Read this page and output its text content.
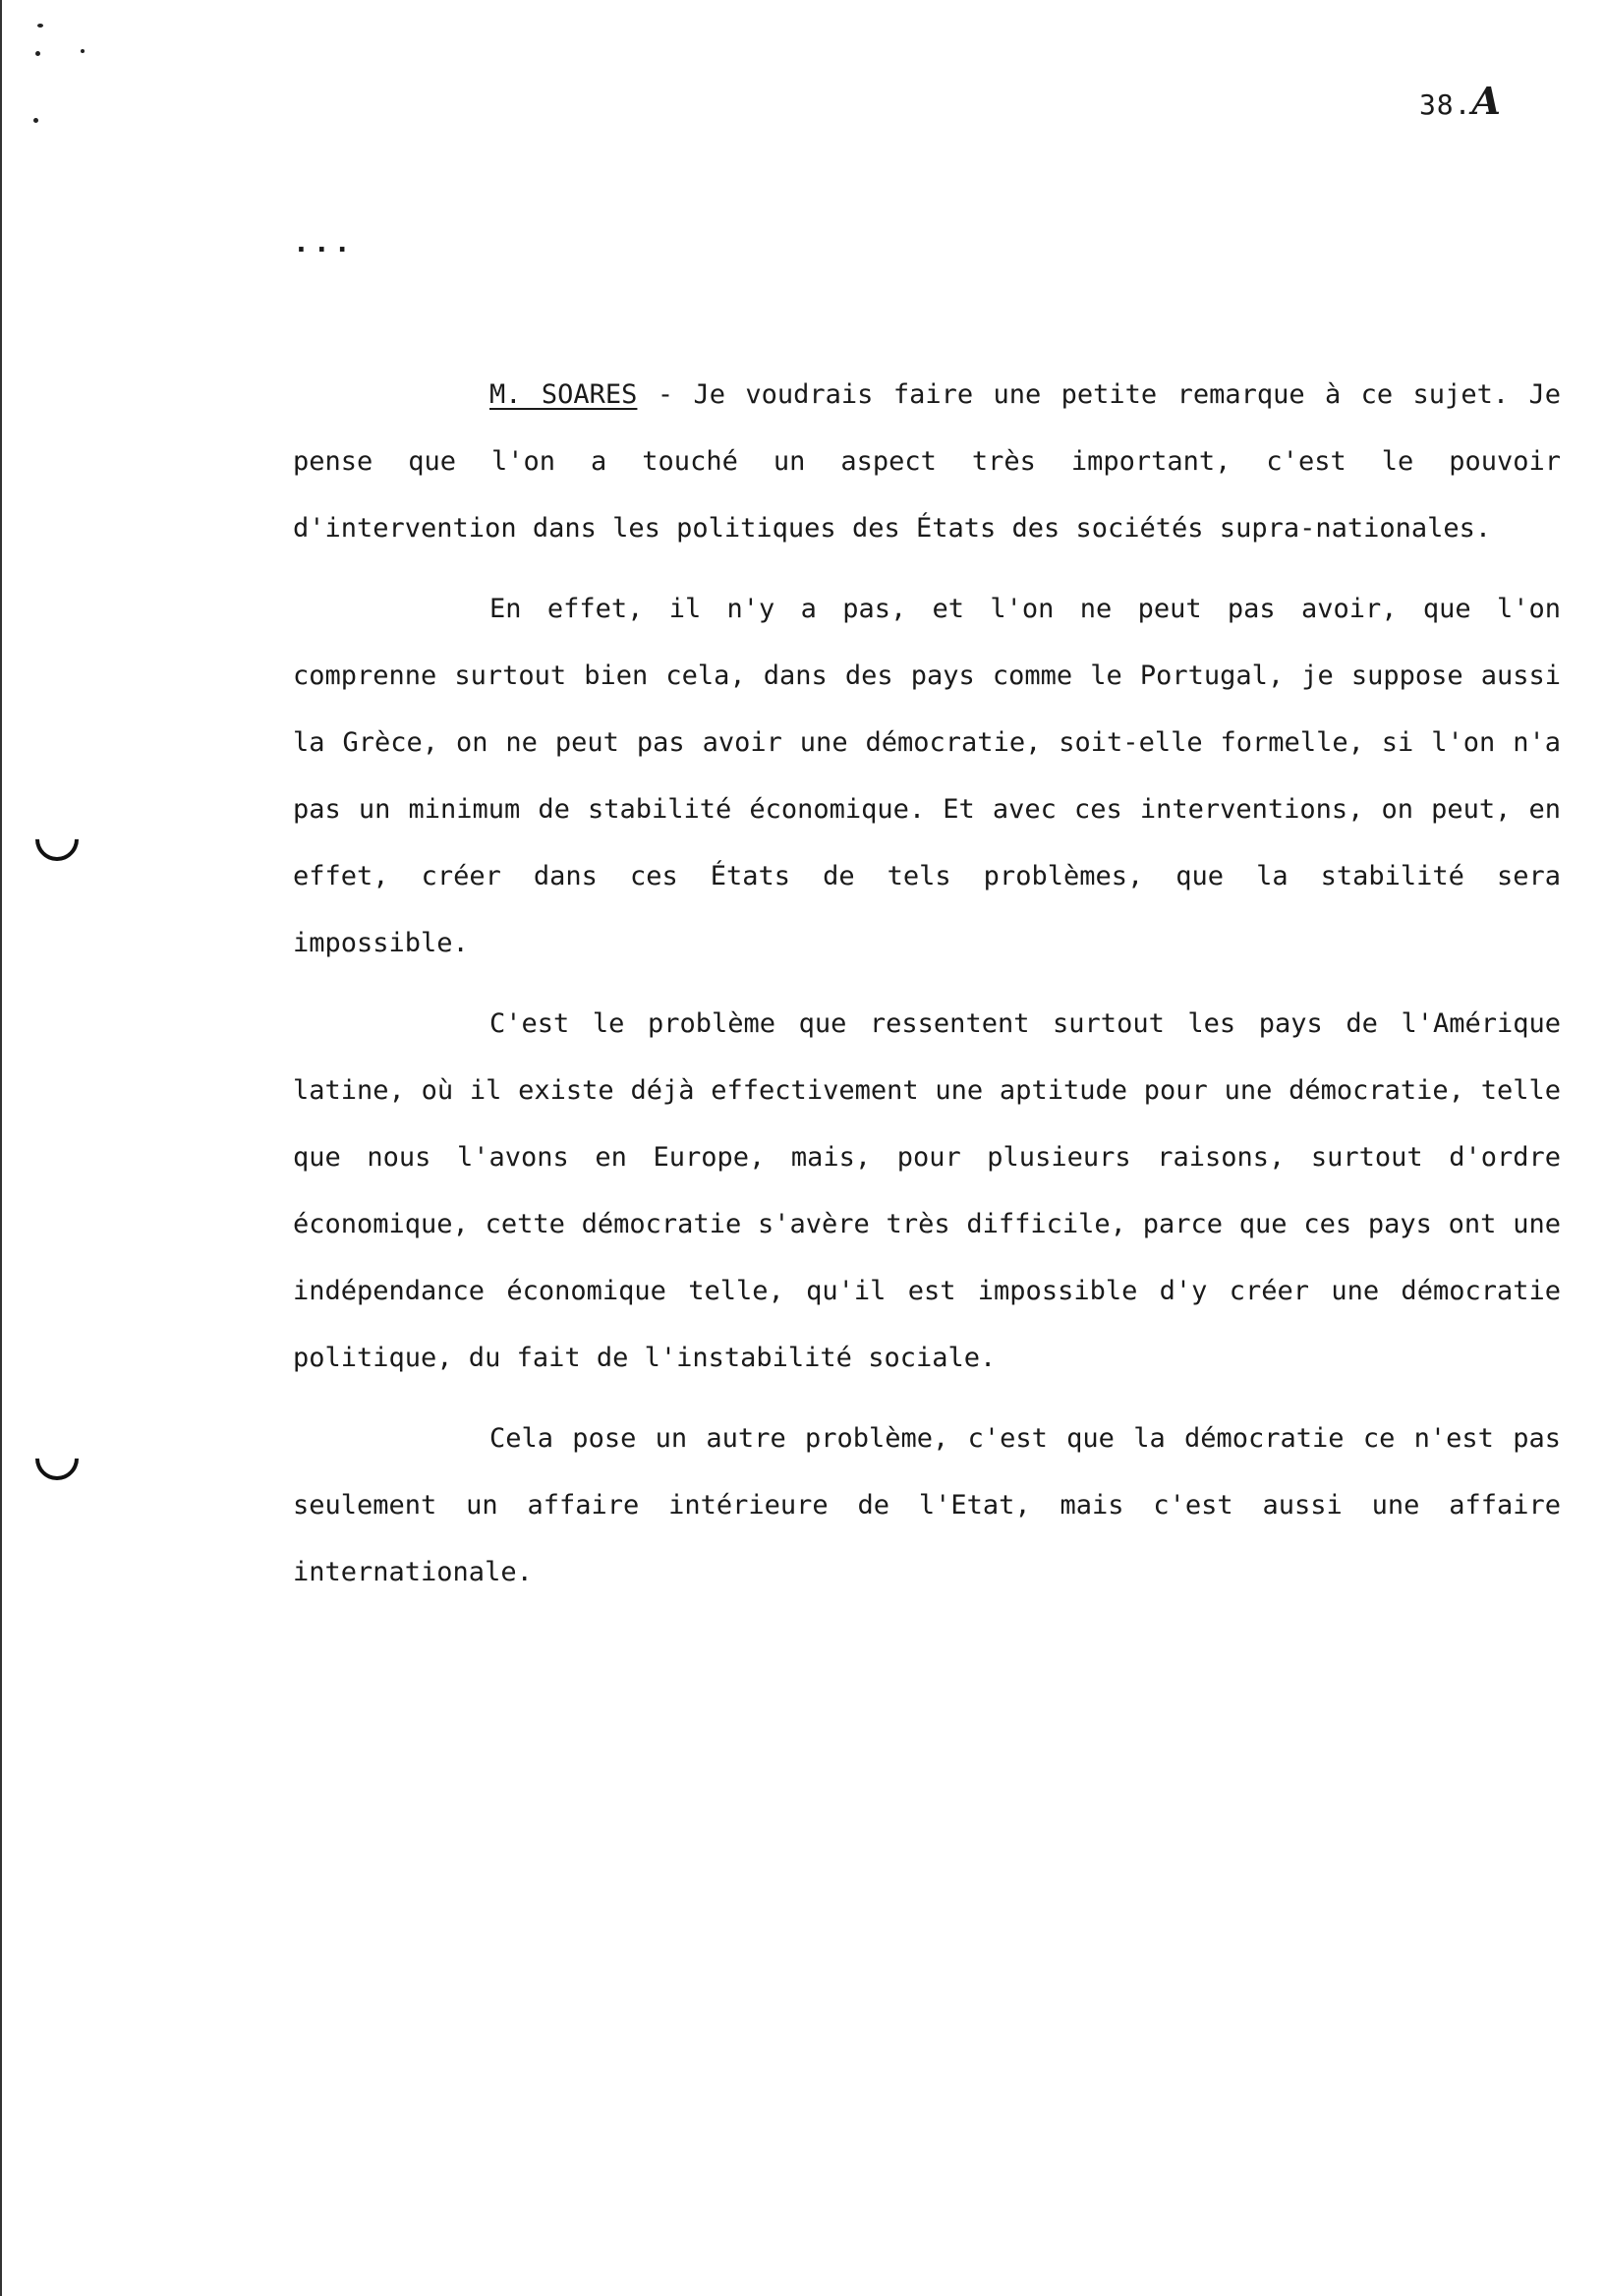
38.A
...

M. SOARES - Je voudrais faire une petite remarque à ce sujet. Je pense que l'on a touché un aspect très important, c'est le pouvoir d'intervention dans les politiques des États des sociétés supra-nationales.

En effet, il n'y a pas, et l'on ne peut pas avoir, que l'on comprenne surtout bien cela, dans des pays comme le Portugal, je suppose aussi la Grèce, on ne peut pas avoir une démocratie, soit-elle formelle, si l'on n'a pas un minimum de stabilité économique. Et avec ces interventions, on peut, en effet, créer dans ces États de tels problèmes, que la stabilité sera impossible.

C'est le problème que ressentent surtout les pays de l'Amérique latine, où il existe déjà effectivement une aptitude pour une démocratie, telle que nous l'avons en Europe, mais, pour plusieurs raisons, surtout d'ordre économique, cette démocratie s'avère très difficile, parce que ces pays ont une indépendance économique telle, qu'il est impossible d'y créer une démocratie politique, du fait de l'instabilité sociale.

Cela pose un autre problème, c'est que la démocratie ce n'est pas seulement un affaire intérieure de l'Etat, mais c'est aussi une affaire internationale.
